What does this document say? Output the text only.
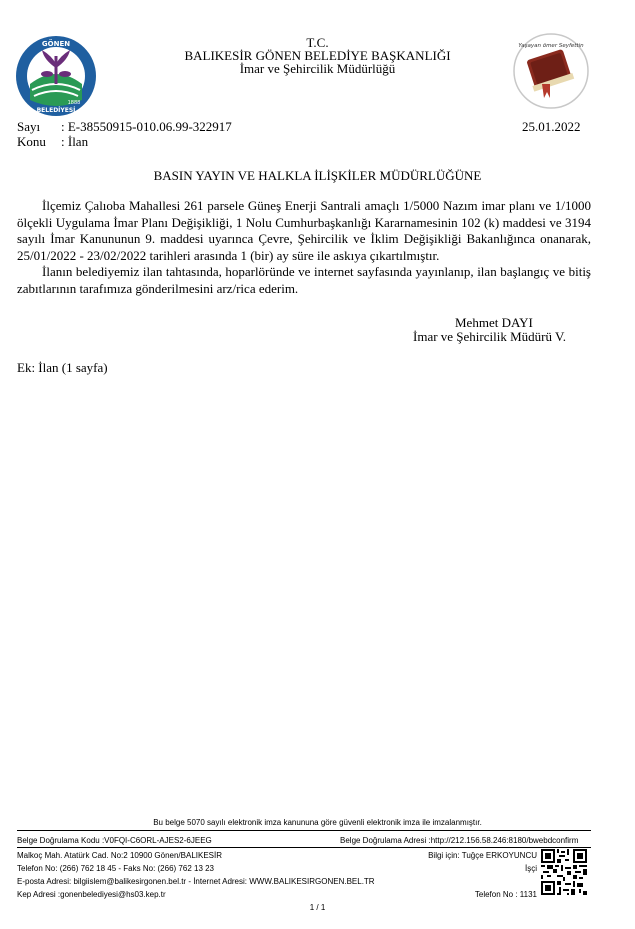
GÖNEN
BELEDİYESİ
1888
T.C.
BALIKESİR GÖNEN BELEDİYE BAŞKANLIĞI
İmar ve Şehircilik Müdürlüğü
Yaşayan ömer Seyfettin
Sayı : E-38550915-010.06.99-322917
Konu : İlan
25.01.2022
BASIN YAYIN VE HALKLA İLİŞKİLER MÜDÜRLÜĞÜNE

İlçemiz Çalıoba Mahallesi 261 parsele Güneş Enerji Santrali amaçlı 1/5000 Nazım imar planı ve 1/1000 ölçekli Uygulama İmar Planı Değişikliği, 1 Nolu Cumhurbaşkanlığı Kararnamesinin 102 (k) maddesi ve 3194 sayılı İmar Kanununun 9. maddesi uyarınca Çevre, Şehircilik ve İklim Değişikliği Bakanlığınca onanarak, 25/01/2022 - 23/02/2022 tarihleri arasında 1 (bir) ay süre ile askıya çıkartılmıştır.

İlanın belediyemiz ilan tahtasında, hoparlöründe ve internet sayfasında yayınlanıp, ilan başlangıç ve bitiş zabıtlarının tarafımıza gönderilmesini arz/rica ederim.

Mehmet DAYI
İmar ve Şehircilik Müdürü V.
Ek: İlan (1 sayfa)
Bu belge 5070 sayılı elektronik imza kanununa göre güvenli elektronik imza ile imzalanmıştır.
Belge Doğrulama Kodu :V0FQI-C6ORL-AJES2-6JEEG	Belge Doğrulama Adresi :http://212.156.58.246:8180/bwebdconfirm
Malkoç Mah. Atatürk Cad. No:2 10900 Gönen/BALIKESİR	Bilgi için: Tuğçe ERKOYUNCU
Telefon No: (266) 762 18 45 - Faks No: (266) 762 13 23	İşçi
E-posta Adresi: bilgiislem@balikesirgonen.bel.tr - İnternet Adresi: WWW.BALIKESIRGONEN.BEL.TR
Kep Adresi :gonenbelediyesi@hs03.kep.tr	Telefon No : 1131
1 / 1
